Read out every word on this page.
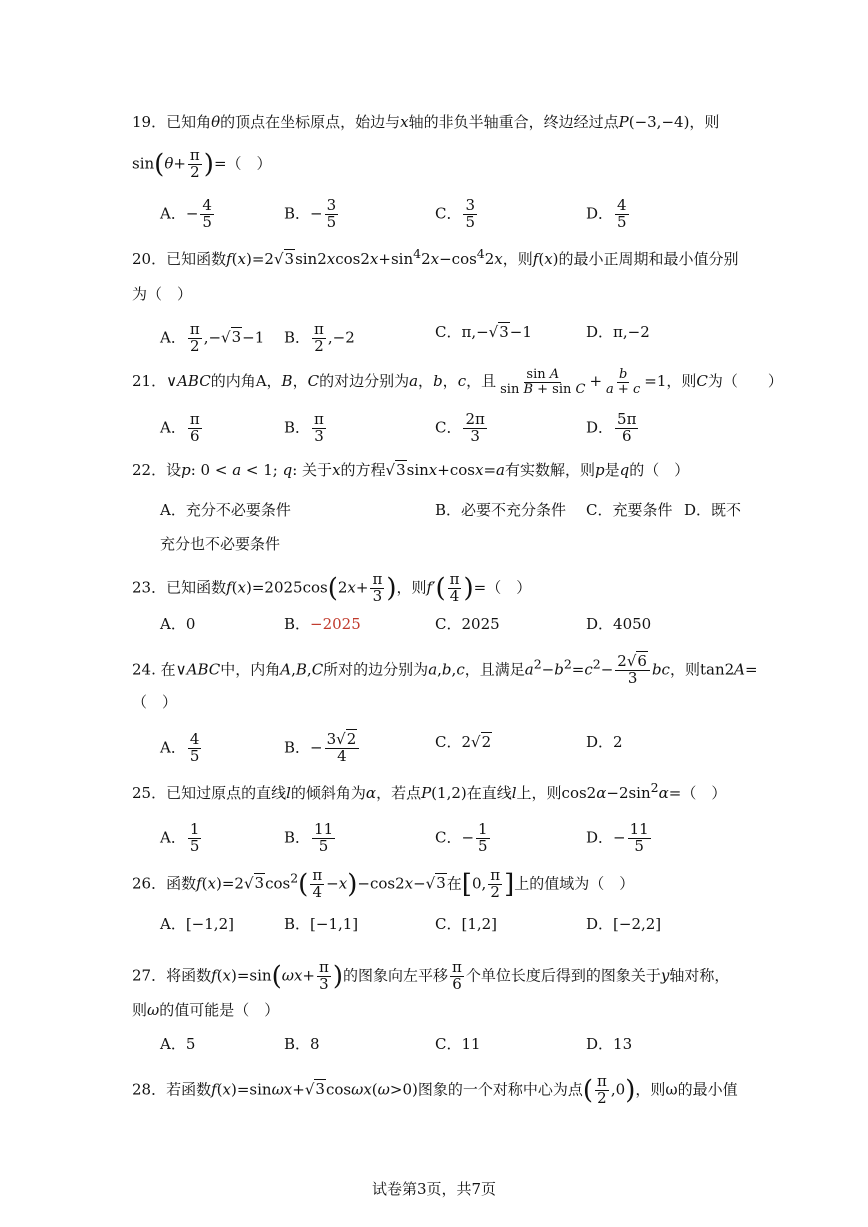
19．已知角θ的顶点在坐标原点，始边与x轴的非负半轴重合，终边经过点P(−3,−4)，则
$\sin(\theta+ \frac{\pi}{2}$ )=（　）
A．− $\frac{4}{5}$	B．− $\frac{3}{5}$	C． $\frac{3}{5}$	D． $\frac{4}{5}$
20．已知函数$f(x)=2√3\sin 2xcos2x+\sin^42x-\cos^42x$，则f(x)的最小正周期和最小值分别
为（　）
A． $\frac{\pi}{2} ,-√3-1$ B． $\frac{\pi}{2} ,-2$	C．π,−√3−1	D．π,−2
21．∨ABC的内角A，B，C的对边分别为a，b，c，且 $\frac{\text{sin A}}{\text{sin B + sin C}} + \frac{b}{a + c} =1$，则C为（　　）
A． $\frac{\pi}{6}$	B． $\frac{\pi}{3}$	C． $\frac{2\pi}{3}$	D． $\frac{5\pi}{6}$
22．设p: 0 < a < 1; q: 关于x的方程√3sinx+cosx=a有实数解，则p是q的（　）
A．充分不必要条件	B．必要不充分条件 C．充要条件 D．既不
充分也不必要条件
23．已知函数$f(x)=2025\cos(2x+ \frac{\pi}{3}$ )，则$f'( \frac{\pi}{4}$ )=（　）
A．0	B．−2025	C．2025	D．4050
24. 在∨ABC中，内角A,B,C所对的边分别为a,b,c，且满足$a^2-b^2=c^2- \frac{2√6}{3}$ bc，则tan2A=
（　）
A． $\frac{4}{5}$	B．− $\frac{3√2}{4}$	C．2√2	D．2
25．已知过原点的直线l的倾斜角为α，若点P(1,2)在直线l上，则$\cos 2\alpha-2\sin^2\alpha=$（　）
A． $\frac{1}{5}$	B． $\frac{11}{5}$	C．− $\frac{1}{5}$	D．− $\frac{11}{5}$
26．函数$f(x)=2√3\cos^2( \frac{\pi}{4} -x)-\cos 2x-√3$在[0, $\frac{\pi}{2}$ ]上的值域为（　）
A．[−1,2]	B．[−1,1]	C．[1,2]	D．[−2,2]
27．将函数$f(x)=\sin(\omega x+ \frac{\pi}{3}$ )的图象向左平移 $\frac{\pi}{6}$ 个单位长度后得到的图象关于y轴对称，
则ω的值可能是（　）
A．5	B．8	C．11	D．13
28．若函数f(x)=sinωx+√3cosωx(ω>0)图象的一个对称中心为点( $\frac{\pi}{2} ,0$)，则ω的最小值
试卷第3页，共7页
